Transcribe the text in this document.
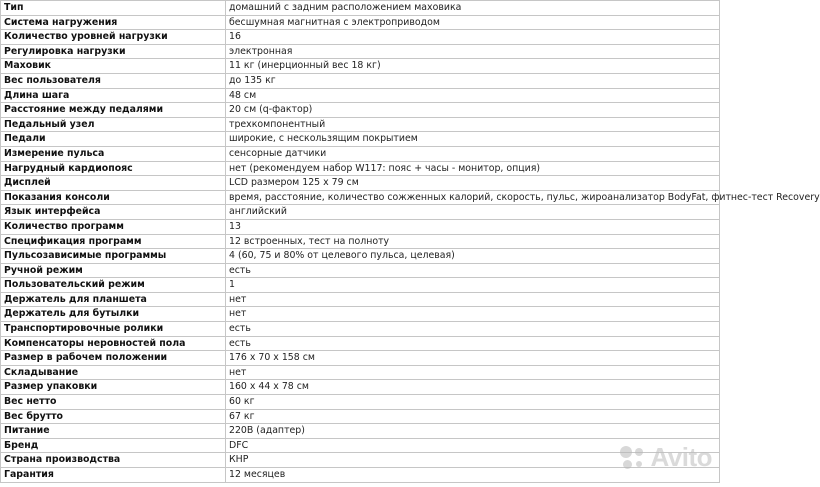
Тип	домашний с задним расположением маховика
Система нагружения	бесшумная магнитная с электроприводом
Количество уровней нагрузки	16
Регулировка нагрузки	электронная
Маховик	11 кг (инерционный вес 18 кг)
Вес пользователя	до 135 кг
Длина шага	48 см
Расстояние между педалями	20 см (q-фактор)
Педальный узел	трехкомпонентный
Педали	широкие, с нескользящим покрытием
Измерение пульса	сенсорные датчики
Нагрудный кардиопояс	нет (рекомендуем набор W117: пояс + часы - монитор, опция)
Дисплей	LCD размером 125 х 79 см
Показания консоли	время, расстояние, количество сожженных калорий, скорость, пульс, жироанализатор BodyFat, фитнес-тест Recovery
Язык интерфейса	английский
Количество программ	13
Спецификация программ	12 встроенных, тест на полноту
Пульсозависимые программы	4 (60, 75 и 80% от целевого пульса, целевая)
Ручной режим	есть
Пользовательский режим	1
Держатель для планшета	нет
Держатель для бутылки	нет
Транспортировочные ролики	есть
Компенсаторы неровностей пола	есть
Размер в рабочем положении	176 х 70 х 158 см
Складывание	нет
Размер упаковки	160 х 44 х 78 см
Вес нетто	60 кг
Вес брутто	67 кг
Питание	220В (адаптер)
Бренд	DFC
Страна производства	КНР
Гарантия	12 месяцев
Avito
